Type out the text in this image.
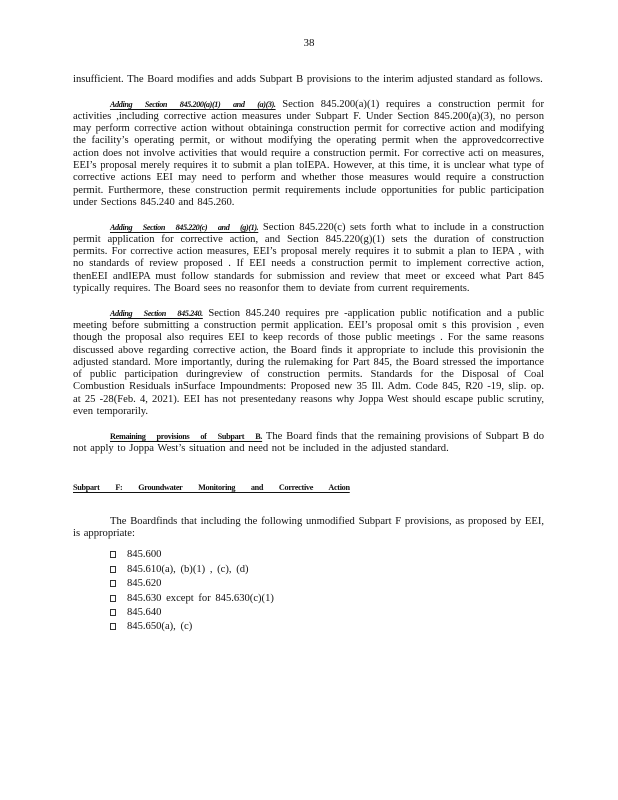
38

insufficient. The Board modifies and adds Subpart B provisions to the interim adjusted standard as follows.

Adding Section 845.200(a)(1) and (a)(3). Section 845.200(a)(1) requires a construction permit for activities ,including corrective action measures under Subpart F. Under Section 845.200(a)(3), no person may perform corrective action without obtaininga construction permit for corrective action and modifying the facility’s operating permit, or without modifying the operating permit when the approvedcorrective action does not involve activities that would require a construction permit. For corrective acti on measures, EEI’s proposal merely requires it to submit a plan toIEPA. However, at this time, it is unclear what type of corrective actions EEI may need to perform and whether those measures would require a construction permit. Furthermore, these construction permit requirements include opportunities for public participation under Sections 845.240 and 845.260.

Adding Section 845.220(c) and (g)(1). Section 845.220(c) sets forth what to include in a construction permit application for corrective action, and Section 845.220(g)(1) sets the duration of construction permits. For corrective action measures, EEI’s proposal merely requires it to submit a plan to IEPA , with no standards of review proposed . If EEI needs a construction permit to implement corrective action, thenEEI andIEPA must follow standards for submission and review that meet or exceed what Part 845 typically requires. The Board sees no reasonfor them to deviate from current requirements.

Adding Section 845.240. Section 845.240 requires pre -application public notification and a public meeting before submitting a construction permit application. EEI’s proposal omit s this provision , even though the proposal also requires EEI to keep records of those public meetings . For the same reasons discussed above regarding corrective action, the Board finds it appropriate to include this provisionin the adjusted standard. More importantly, during the rulemaking for Part 845, the Board stressed the importance of public participation duringreview of construction permits. Standards for the Disposal of Coal Combustion Residuals inSurface Impoundments: Proposed new 35 Ill. Adm. Code 845, R20 -19, slip. op. at 25 -28(Feb. 4, 2021). EEI has not presentedany reasons why Joppa West should escape public scrutiny, even temporarily.

Remaining provisions of Subpart B. The Board finds that the remaining provisions of Subpart B do not apply to Joppa West’s situation and need not be included in the adjusted standard.

Subpart F: Groundwater Monitoring and Corrective Action

The Boardfinds that including the following unmodified Subpart F provisions, as proposed by EEI, is appropriate:

845.600
845.610(a), (b)(1) , (c), (d)
845.620
845.630 except for 845.630(c)(1)
845.640
845.650(a), (c)
